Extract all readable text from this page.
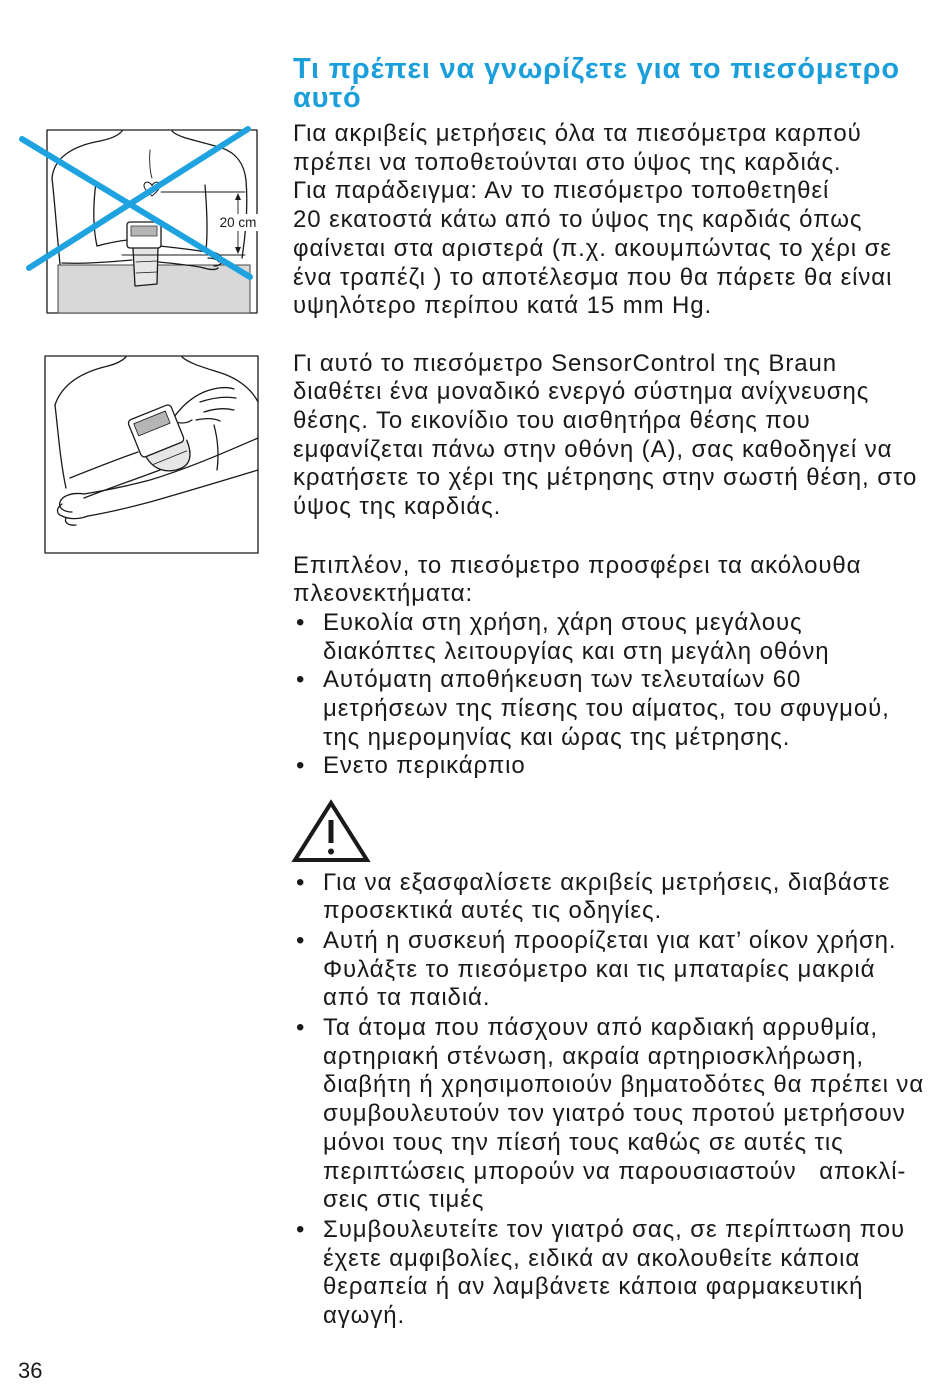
Τι πρέπει να γνωρίζετε για το πιεσόμετρο
αυτό
20 cm
Για ακριβείς μετρήσεις όλα τα πιεσόμετρα καρπού
πρέπει να τοποθετούνται στο ύψος της καρδιάς.
Για παράδειγμα: Αν το πιεσόμετρο τοποθετηθεί
20 εκατοστά κάτω από το ύψος της καρδιάς όπως
φαίνεται στα αριστερά (π.χ. ακουμπώντας το χέρι σε
ένα τραπέζι ) το αποτέλεσμα που θα πάρετε θα είναι
υψηλότερο περίπου κατά 15 mm Hg.
Γι αυτό το πιεσόμετρο SensorControl της Braun
διαθέτει ένα μοναδικό ενεργό σύστημα ανίχνευσης
θέσης. Το εικονίδιο του αισθητήρα θέσης που
εμφανίζεται πάνω στην οθόνη (A), σας καθοδηγεί να
κρατήσετε το χέρι της μέτρησης στην σωστή θέση, στο
ύψος της καρδιάς.
Επιπλέον, το πιεσόμετρο προσφέρει τα ακόλουθα
πλεονεκτήματα:
• Ευκολία στη χρήση, χάρη στους μεγάλους
διακόπτες λειτουργίας και στη μεγάλη οθόνη
• Αυτόματη αποθήκευση των τελευταίων 60
μετρήσεων της πίεσης του αίματος, του σφυγμού,
της ημερομηνίας και ώρας της μέτρησης.
• Ενετο περικάρπιο
• Για να εξασφαλίσετε ακριβείς μετρήσεις, διαβάστε
προσεκτικά αυτές τις οδηγίες.
• Αυτή η συσκευή προορίζεται για κατ’ οίκον χρήση.
Φυλάξτε το πιεσόμετρο και τις μπαταρίες μακριά
από τα παιδιά.
• Τα άτομα που πάσχουν από καρδιακή αρρυθμία,
αρτηριακή στένωση, ακραία αρτηριοσκλήρωση,
διαβήτη ή χρησιμοποιούν βηματοδότες θα πρέπει να
συμβουλευτούν τον γιατρό τους προτού μετρήσουν
μόνοι τους την πίεσή τους καθώς σε αυτές τις
περιπτώσεις μπορούν να παρουσιαστούν   αποκλί-
σεις στις τιμές
• Συμβουλευτείτε τον γιατρό σας, σε περίπτωση που
έχετε αμφιβολίες, ειδικά αν ακολουθείτε κάποια
θεραπεία ή αν λαμβάνετε κάποια φαρμακευτική
αγωγή.
36
